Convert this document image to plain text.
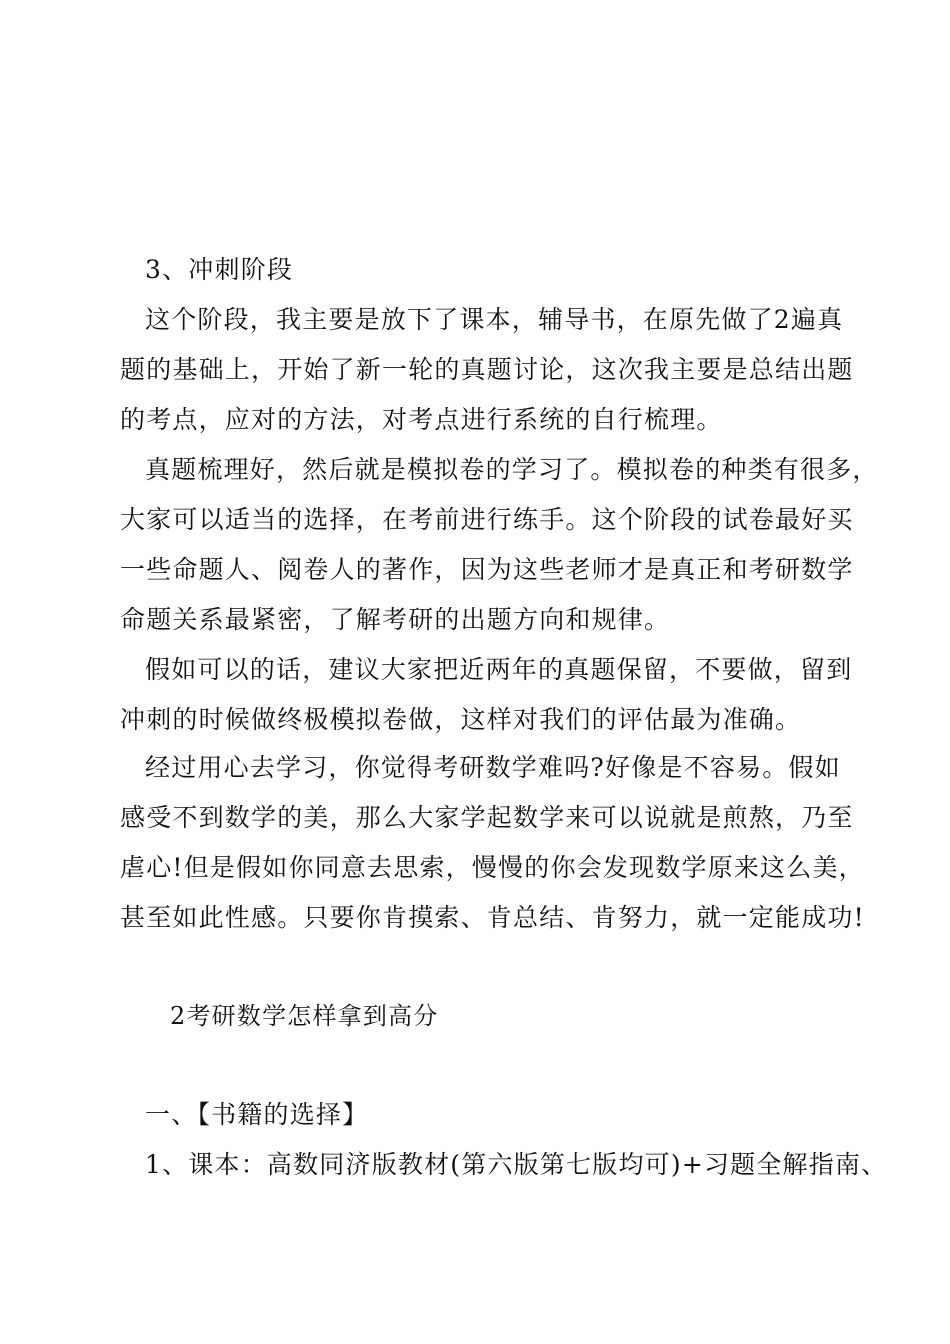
3、冲刺阶段
这个阶段，我主要是放下了课本，辅导书，在原先做了2遍真
题的基础上，开始了新一轮的真题讨论，这次我主要是总结出题
的考点，应对的方法，对考点进行系统的自行梳理。
真题梳理好，然后就是模拟卷的学习了。模拟卷的种类有很多，
大家可以适当的选择，在考前进行练手。这个阶段的试卷最好买
一些命题人、阅卷人的著作，因为这些老师才是真正和考研数学
命题关系最紧密，了解考研的出题方向和规律。
假如可以的话，建议大家把近两年的真题保留，不要做，留到
冲刺的时候做终极模拟卷做，这样对我们的评估最为准确。
经过用心去学习，你觉得考研数学难吗?好像是不容易。假如
感受不到数学的美，那么大家学起数学来可以说就是煎熬，乃至
虐心!但是假如你同意去思索，慢慢的你会发现数学原来这么美，
甚至如此性感。只要你肯摸索、肯总结、肯努力，就一定能成功!
2考研数学怎样拿到高分
一、【书籍的选择】
1、课本：高数同济版教材(第六版第七版均可)+习题全解指南、
